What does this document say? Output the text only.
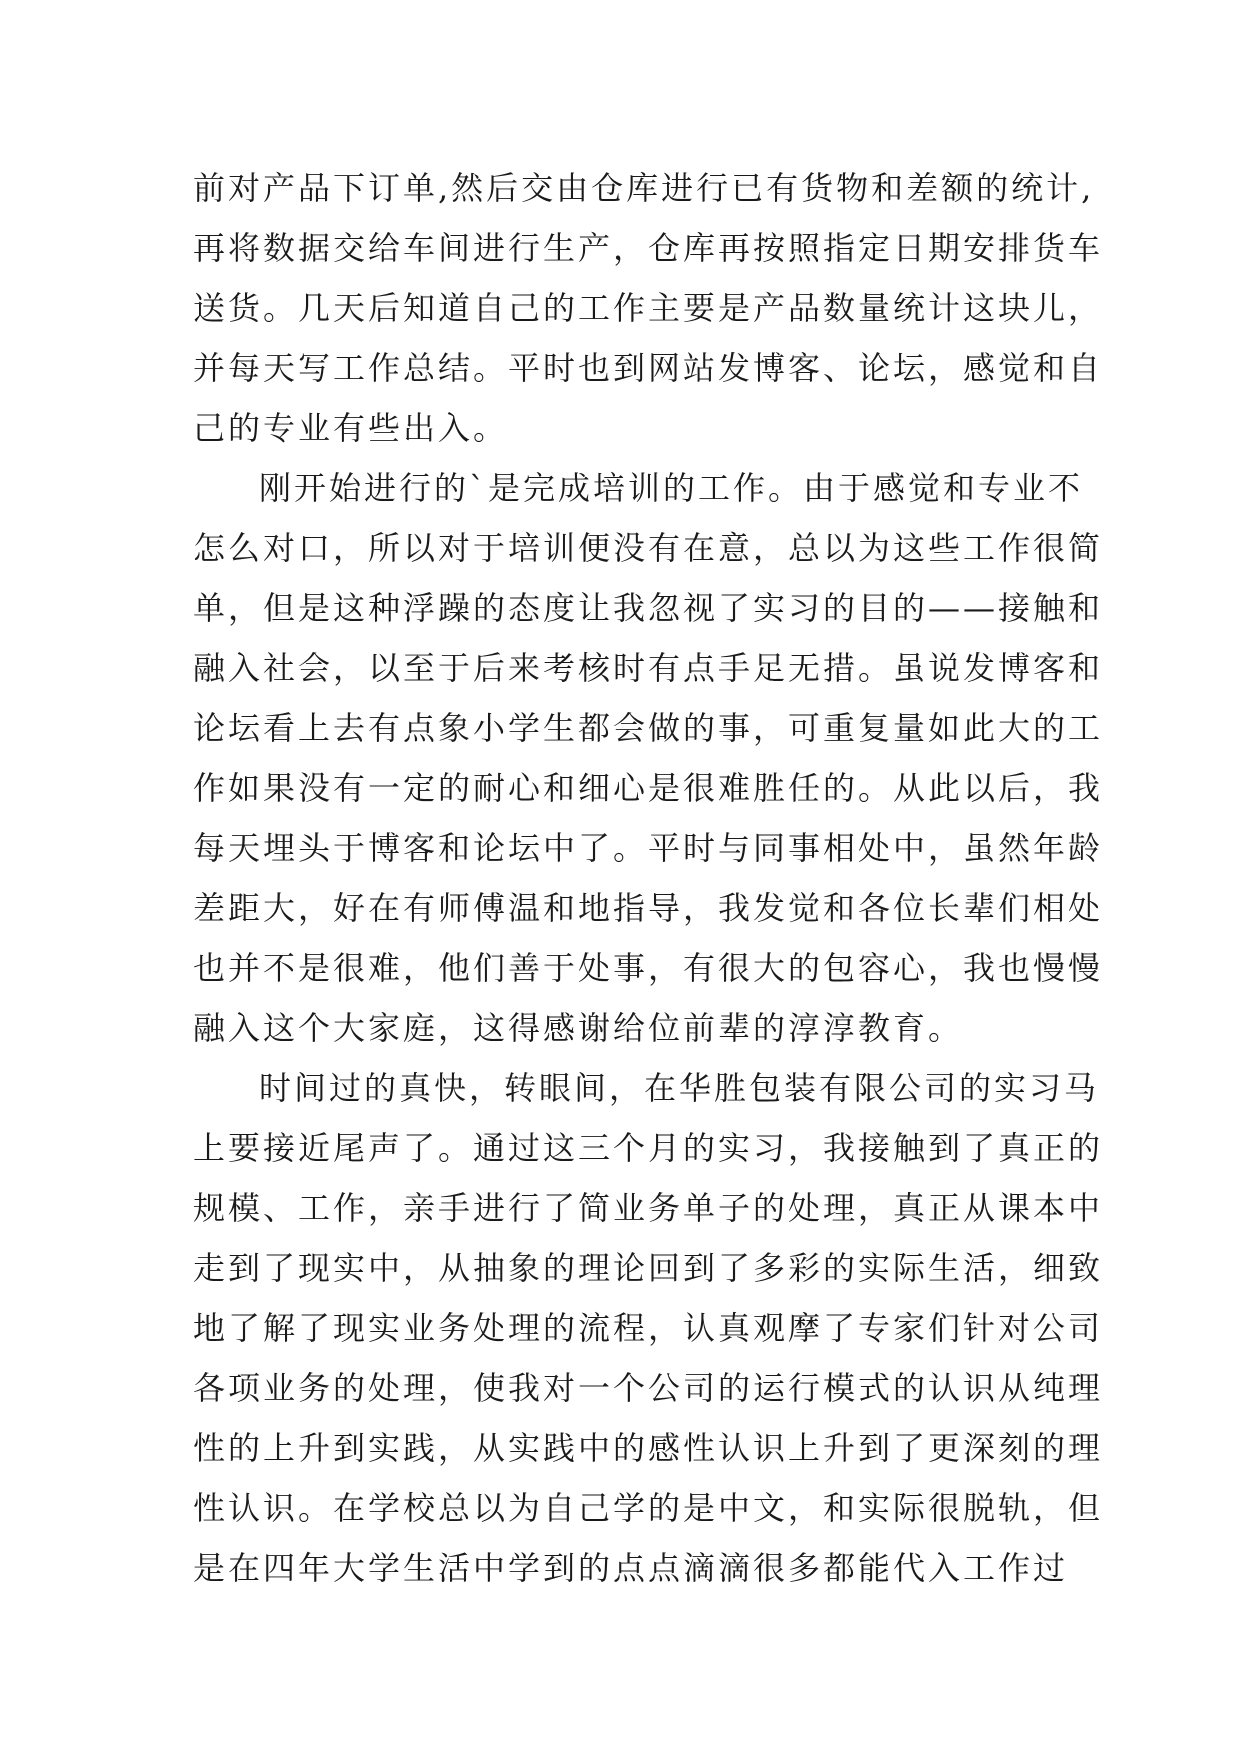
前对产品下订单,然后交由仓库进行已有货物和差额的统计,
再将数据交给车间进行生产，仓库再按照指定日期安排货车
送货。几天后知道自己的工作主要是产品数量统计这块儿，
并每天写工作总结。平时也到网站发博客、论坛，感觉和自
己的专业有些出入。
刚开始进行的`是完成培训的工作。由于感觉和专业不
怎么对口，所以对于培训便没有在意，总以为这些工作很简
单，但是这种浮躁的态度让我忽视了实习的目的——接触和
融入社会，以至于后来考核时有点手足无措。虽说发博客和
论坛看上去有点象小学生都会做的事，可重复量如此大的工
作如果没有一定的耐心和细心是很难胜任的。从此以后，我
每天埋头于博客和论坛中了。平时与同事相处中，虽然年龄
差距大，好在有师傅温和地指导，我发觉和各位长辈们相处
也并不是很难，他们善于处事，有很大的包容心，我也慢慢
融入这个大家庭，这得感谢给位前辈的淳淳教育。
时间过的真快，转眼间，在华胜包装有限公司的实习马
上要接近尾声了。通过这三个月的实习，我接触到了真正的
规模、工作，亲手进行了简业务单子的处理，真正从课本中
走到了现实中，从抽象的理论回到了多彩的实际生活，细致
地了解了现实业务处理的流程，认真观摩了专家们针对公司
各项业务的处理，使我对一个公司的运行模式的认识从纯理
性的上升到实践，从实践中的感性认识上升到了更深刻的理
性认识。在学校总以为自己学的是中文，和实际很脱轨，但
是在四年大学生活中学到的点点滴滴很多都能代入工作过
